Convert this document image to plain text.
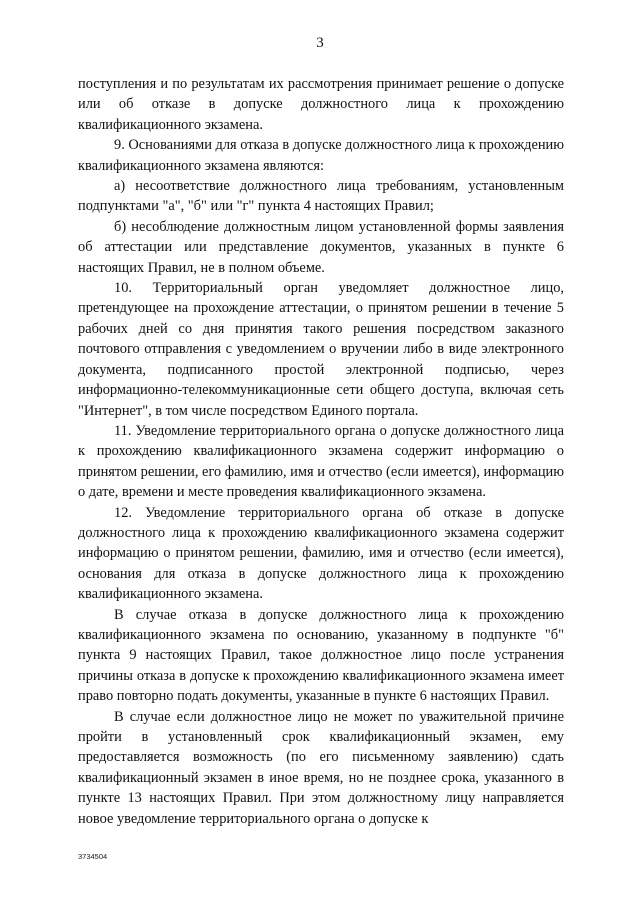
3

поступления и по результатам их рассмотрения принимает решение о допуске или об отказе в допуске должностного лица к прохождению квалификационного экзамена.

9. Основаниями для отказа в допуске должностного лица к прохождению квалификационного экзамена являются:

а) несоответствие должностного лица требованиям, установленным подпунктами "а", "б" или "г" пункта 4 настоящих Правил;

б) несоблюдение должностным лицом установленной формы заявления об аттестации или представление документов, указанных в пункте 6 настоящих Правил, не в полном объеме.

10. Территориальный орган уведомляет должностное лицо, претендующее на прохождение аттестации, о принятом решении в течение 5 рабочих дней со дня принятия такого решения посредством заказного почтового отправления с уведомлением о вручении либо в виде электронного документа, подписанного простой электронной подписью, через информационно-телекоммуникационные сети общего доступа, включая сеть "Интернет", в том числе посредством Единого портала.

11. Уведомление территориального органа о допуске должностного лица к прохождению квалификационного экзамена содержит информацию о принятом решении, его фамилию, имя и отчество (если имеется), информацию о дате, времени и месте проведения квалификационного экзамена.

12. Уведомление территориального органа об отказе в допуске должностного лица к прохождению квалификационного экзамена содержит информацию о принятом решении, фамилию, имя и отчество (если имеется), основания для отказа в допуске должностного лица к прохождению квалификационного экзамена.

В случае отказа в допуске должностного лица к прохождению квалификационного экзамена по основанию, указанному в подпункте "б" пункта 9 настоящих Правил, такое должностное лицо после устранения причины отказа в допуске к прохождению квалификационного экзамена имеет право повторно подать документы, указанные в пункте 6 настоящих Правил.

В случае если должностное лицо не может по уважительной причине пройти в установленный срок квалификационный экзамен, ему предоставляется возможность (по его письменному заявлению) сдать квалификационный экзамен в иное время, но не позднее срока, указанного в пункте 13 настоящих Правил. При этом должностному лицу направляется новое уведомление территориального органа о допуске к

3734504
